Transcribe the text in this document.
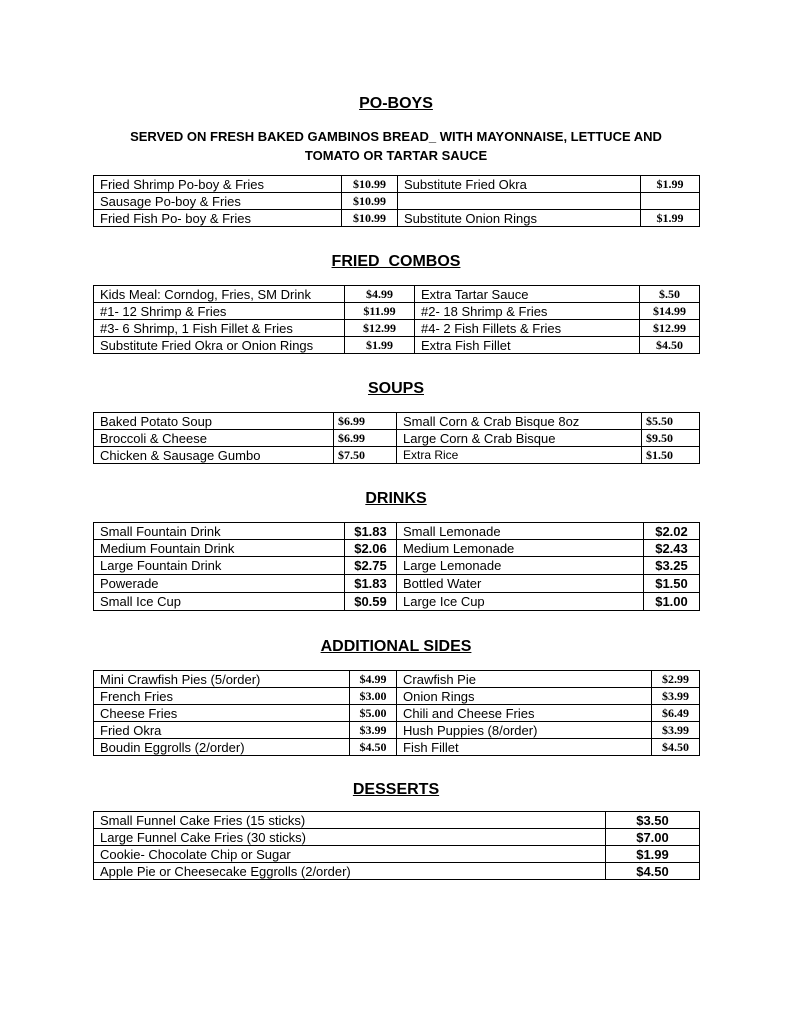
PO-BOYS
SERVED ON FRESH BAKED GAMBINOS BREAD_ WITH MAYONNAISE, LETTUCE AND
TOMATO OR TARTAR SAUCE
Fried Shrimp Po-boy & Fries	$10.99	Substitute Fried Okra	$1.99
Sausage Po-boy & Fries	$10.99		
Fried Fish Po- boy & Fries	$10.99	Substitute Onion Rings	$1.99
FRIED  COMBOS
Kids Meal: Corndog, Fries, SM Drink	$4.99	Extra Tartar Sauce	$.50
#1- 12 Shrimp & Fries	$11.99	#2- 18 Shrimp & Fries	$14.99
#3- 6 Shrimp, 1 Fish Fillet & Fries	$12.99	#4- 2 Fish Fillets & Fries	$12.99
Substitute Fried Okra or Onion Rings	$1.99	Extra Fish Fillet	$4.50
SOUPS
Baked Potato Soup	$6.99	Small Corn & Crab Bisque 8oz	$5.50
Broccoli & Cheese	$6.99	Large Corn & Crab Bisque	$9.50
Chicken & Sausage Gumbo	$7.50	Extra Rice	$1.50
DRINKS
Small Fountain Drink	$1.83	Small Lemonade	$2.02
Medium Fountain Drink	$2.06	Medium Lemonade	$2.43
Large Fountain Drink	$2.75	Large Lemonade	$3.25
Powerade	$1.83	Bottled Water	$1.50
Small Ice Cup	$0.59	Large Ice Cup	$1.00
ADDITIONAL SIDES
Mini Crawfish Pies (5/order)	$4.99	Crawfish Pie	$2.99
French Fries	$3.00	Onion Rings	$3.99
Cheese Fries	$5.00	Chili and Cheese Fries	$6.49
Fried Okra	$3.99	Hush Puppies (8/order)	$3.99
Boudin Eggrolls (2/order)	$4.50	Fish Fillet	$4.50
DESSERTS
Small Funnel Cake Fries (15 sticks)	$3.50
Large Funnel Cake Fries (30 sticks)	$7.00
Cookie- Chocolate Chip or Sugar	$1.99
Apple Pie or Cheesecake Eggrolls (2/order)	$4.50
